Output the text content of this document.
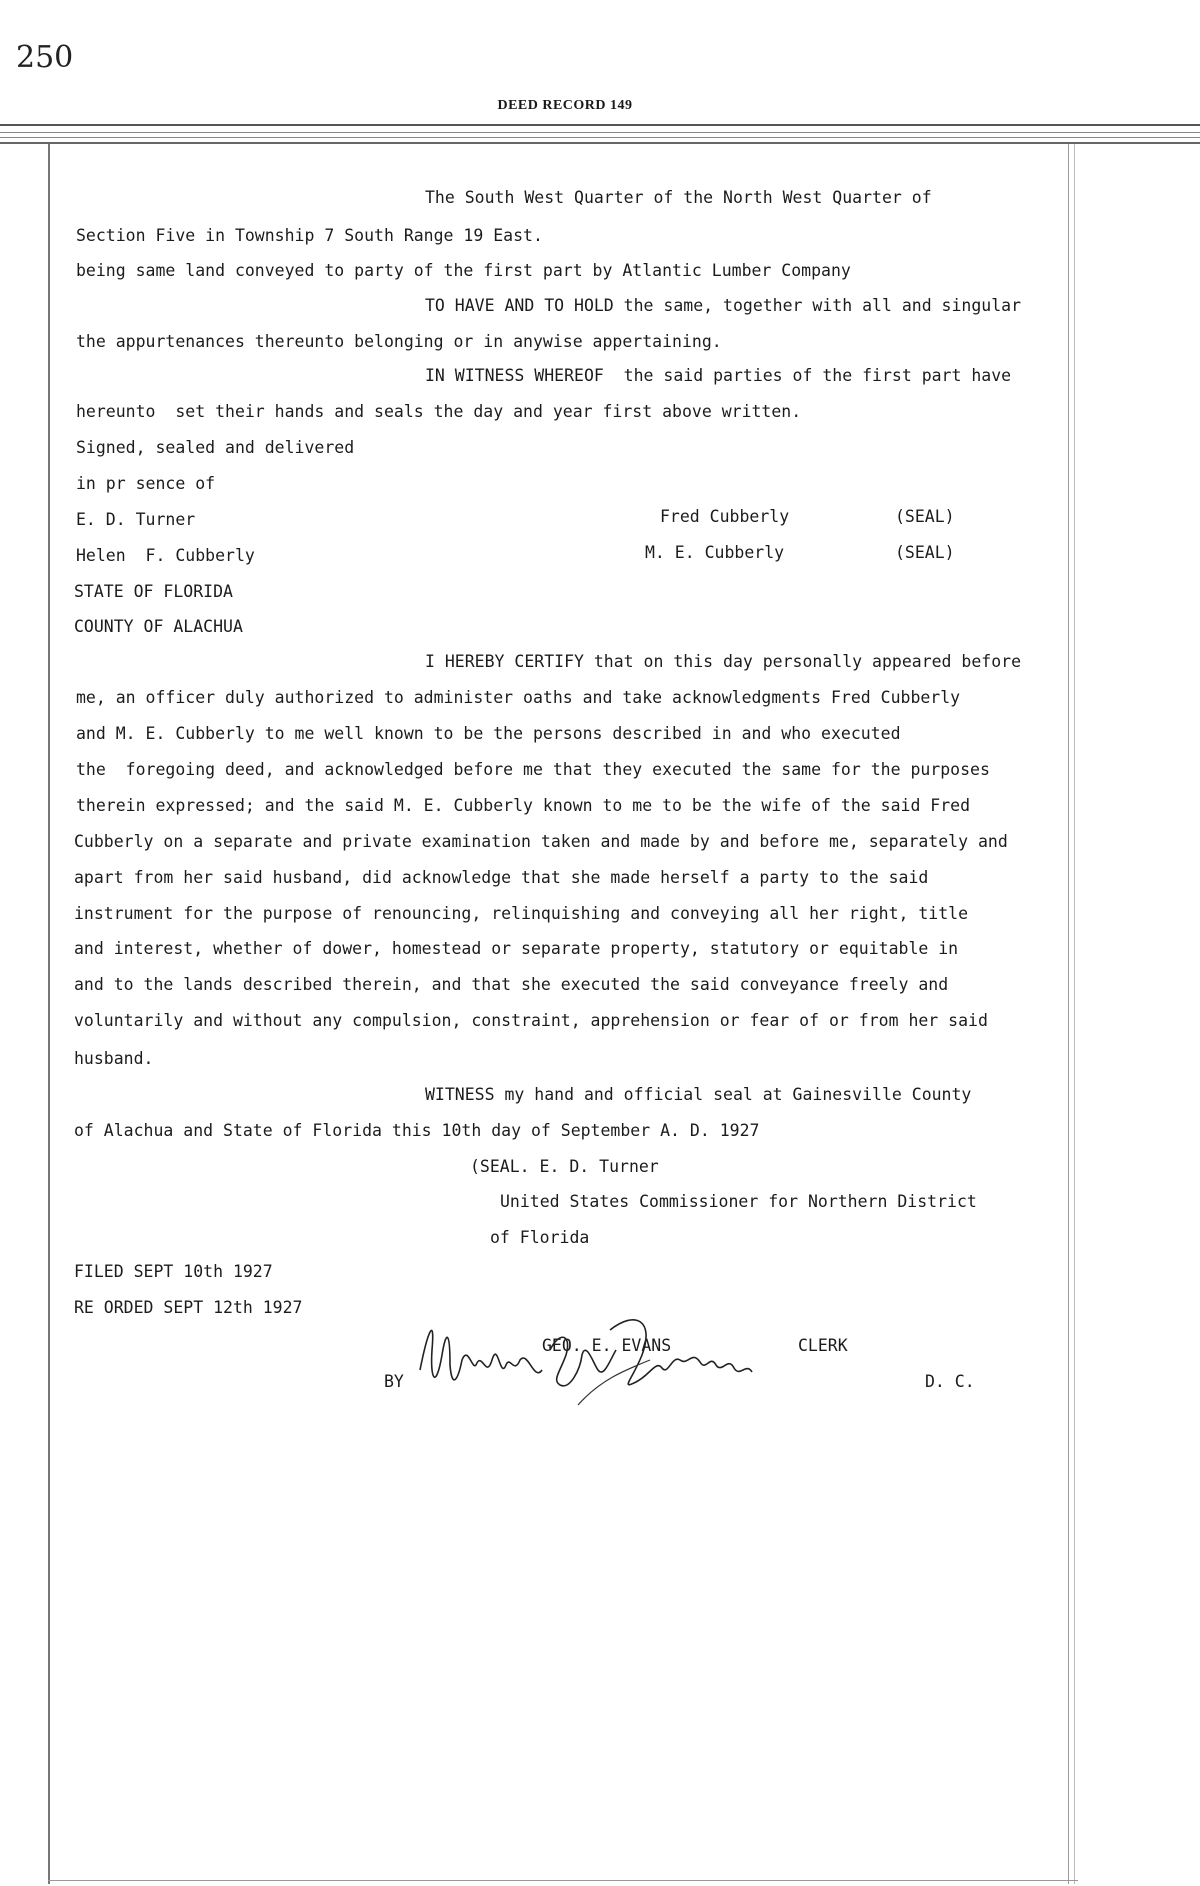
250
DEED RECORD 149
The South West Quarter of the North West Quarter of
Section Five in Township 7 South Range 19 East.
being same land conveyed to party of the first part by Atlantic Lumber Company
TO HAVE AND TO HOLD the same, together with all and singular
the appurtenances thereunto belonging or in anywise appertaining.
IN WITNESS WHEREOF  the said parties of the first part have
hereunto  set their hands and seals the day and year first above written.
Signed, sealed and delivered
in pr sence of
E. D. Turner
Helen  F. Cubberly
Fred Cubberly
M. E. Cubberly
(SEAL)
(SEAL)
STATE OF FLORIDA
COUNTY OF ALACHUA
I HEREBY CERTIFY that on this day personally appeared before
me, an officer duly authorized to administer oaths and take acknowledgments Fred Cubberly
and M. E. Cubberly to me well known to be the persons described in and who executed
the  foregoing deed, and acknowledged before me that they executed the same for the purposes
therein expressed; and the said M. E. Cubberly known to me to be the wife of the said Fred
Cubberly on a separate and private examination taken and made by and before me, separately and
apart from her said husband, did acknowledge that she made herself a party to the said
instrument for the purpose of renouncing, relinquishing and conveying all her right, title
and interest, whether of dower, homestead or separate property, statutory or equitable in
and to the lands described therein, and that she executed the said conveyance freely and
voluntarily and without any compulsion, constraint, apprehension or fear of or from her said
husband.
WITNESS my hand and official seal at Gainesville County
of Alachua and State of Florida this 10th day of September A. D. 1927
(SEAL. E. D. Turner
United States Commissioner for Northern District
of Florida
FILED SEPT 10th 1927
RE ORDED SEPT 12th 1927
GEO. E. EVANS	CLERK
BY	D. C.
